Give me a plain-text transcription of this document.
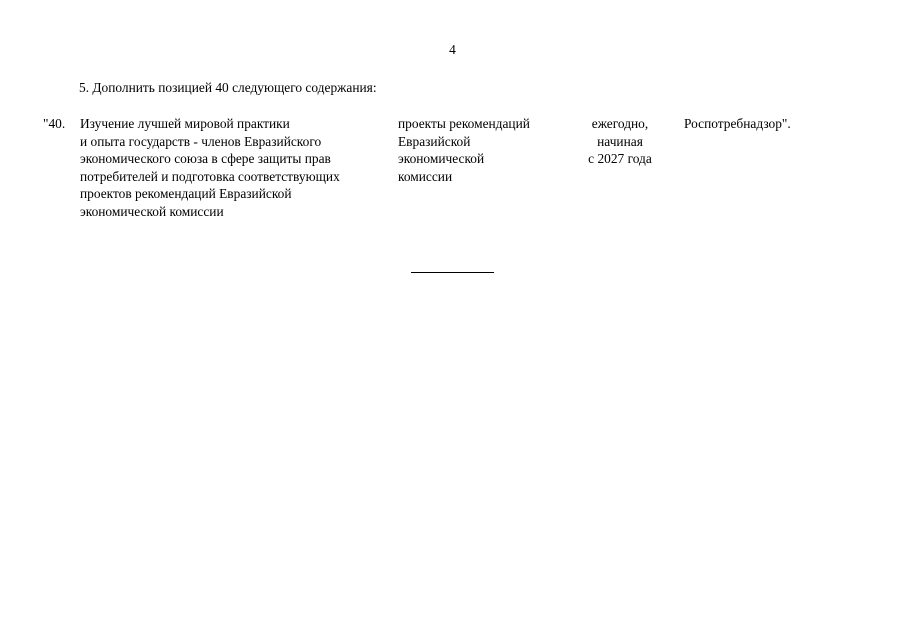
4
5. Дополнить позицией 40 следующего содержания:
"40. Изучение лучшей мировой практики
и опыта государств - членов Евразийского
экономического союза в сфере защиты прав
потребителей и подготовка соответствующих
проектов рекомендаций Евразийской
экономической комиссии
проекты рекомендаций
Евразийской
экономической
комиссии
ежегодно,
начиная
с 2027 года
Роспотребнадзор".
